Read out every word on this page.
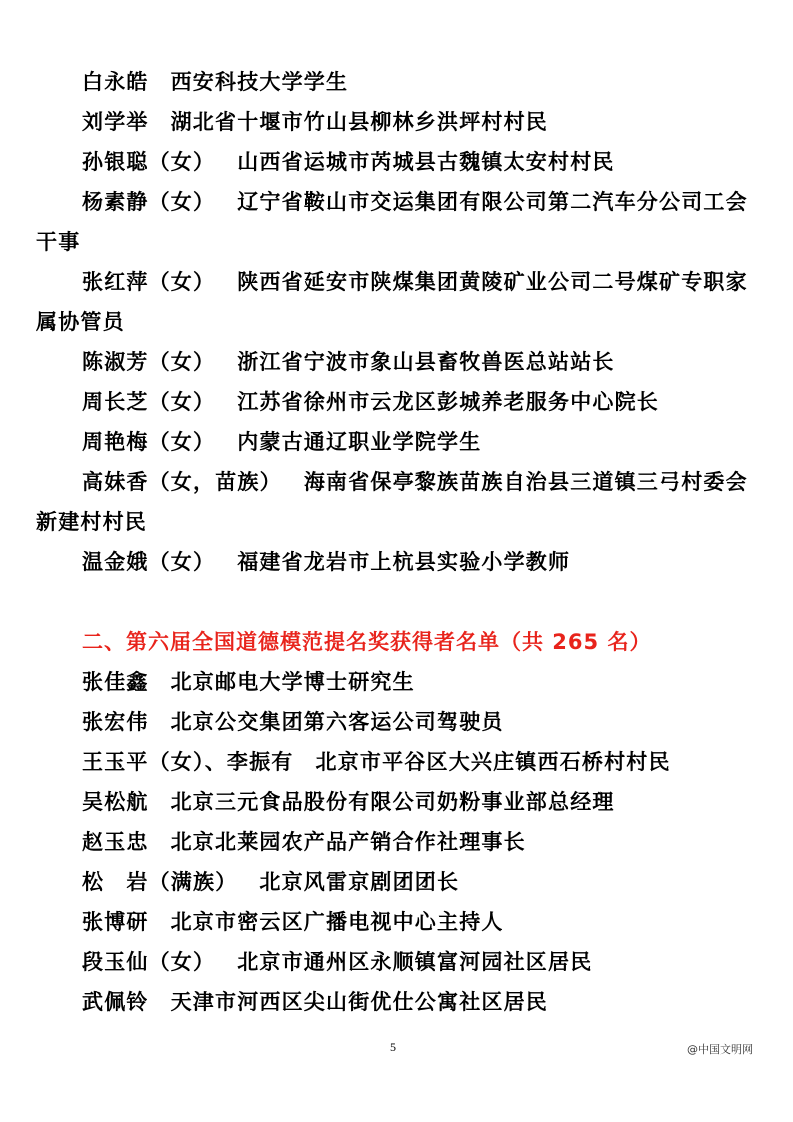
白永皓 西安科技大学学生
刘学举 湖北省十堰市竹山县柳林乡洪坪村村民
孙银聪（女） 山西省运城市芮城县古魏镇太安村村民
杨素静（女） 辽宁省鞍山市交运集团有限公司第二汽车分公司工会干事
张红萍（女） 陕西省延安市陕煤集团黄陵矿业公司二号煤矿专职家属协管员
陈淑芳（女） 浙江省宁波市象山县畜牧兽医总站站长
周长芝（女） 江苏省徐州市云龙区彭城养老服务中心院长
周艳梅（女） 内蒙古通辽职业学院学生
高妹香（女，苗族） 海南省保亭黎族苗族自治县三道镇三弓村委会新建村村民
温金娥（女） 福建省龙岩市上杭县实验小学教师
二、第六届全国道德模范提名奖获得者名单（共 265 名）
张佳鑫 北京邮电大学博士研究生
张宏伟 北京公交集团第六客运公司驾驶员
王玉平（女）、李振有 北京市平谷区大兴庄镇西石桥村村民
吴松航 北京三元食品股份有限公司奶粉事业部总经理
赵玉忠 北京北莱园农产品产销合作社理事长
松　岩（满族） 北京风雷京剧团团长
张博研 北京市密云区广播电视中心主持人
段玉仙（女） 北京市通州区永顺镇富河园社区居民
武佩铃 天津市河西区尖山街优仕公寓社区居民
5	@中国文明网
